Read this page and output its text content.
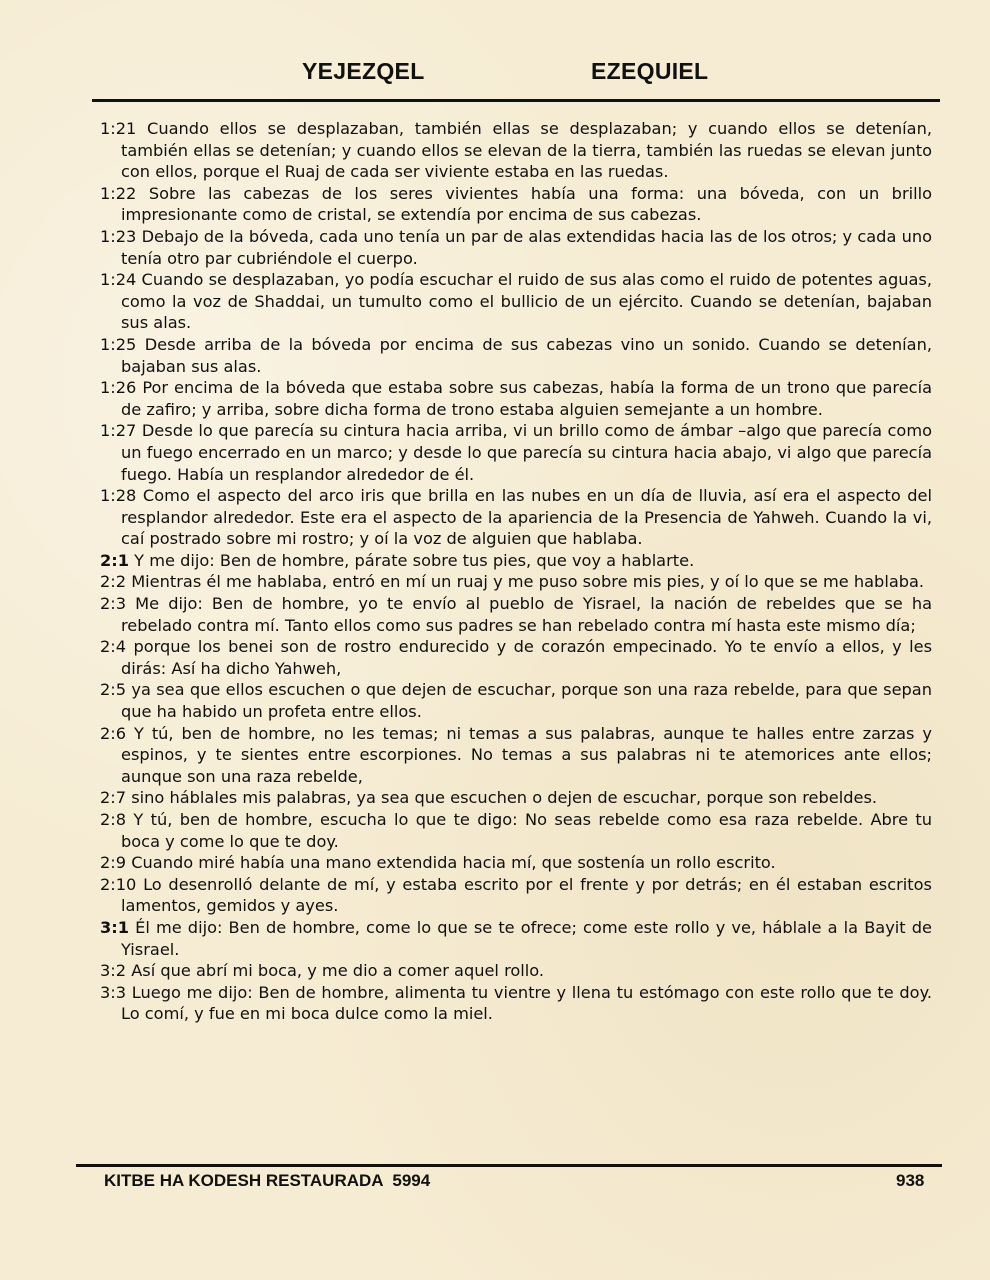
YEJEZQEL	EZEQUIEL

1:21 Cuando ellos se desplazaban, también ellas se desplazaban; y cuando ellos se detenían, también ellas se detenían; y cuando ellos se elevan de la tierra, también las ruedas se elevan junto con ellos, porque el Ruaj de cada ser viviente estaba en las ruedas.

1:22 Sobre las cabezas de los seres vivientes había una forma: una bóveda, con un brillo impresionante como de cristal, se extendía por encima de sus cabezas.

1:23 Debajo de la bóveda, cada uno tenía un par de alas extendidas hacia las de los otros; y cada uno tenía otro par cubriéndole el cuerpo.

1:24 Cuando se desplazaban, yo podía escuchar el ruido de sus alas como el ruido de potentes aguas, como la voz de Shaddai, un tumulto como el bullicio de un ejército. Cuando se detenían, bajaban sus alas.

1:25 Desde arriba de la bóveda por encima de sus cabezas vino un sonido. Cuando se detenían, bajaban sus alas.

1:26 Por encima de la bóveda que estaba sobre sus cabezas, había la forma de un trono que parecía de zafiro; y arriba, sobre dicha forma de trono estaba alguien semejante a un hombre.

1:27 Desde lo que parecía su cintura hacia arriba, vi un brillo como de ámbar –algo que parecía como un fuego encerrado en un marco; y desde lo que parecía su cintura hacia abajo, vi algo que parecía fuego. Había un resplandor alrededor de él.

1:28 Como el aspecto del arco iris que brilla en las nubes en un día de lluvia, así era el aspecto del resplandor alrededor. Este era el aspecto de la apariencia de la Presencia de Yahweh. Cuando la vi, caí postrado sobre mi rostro; y oí la voz de alguien que hablaba.

2:1 Y me dijo: Ben de hombre, párate sobre tus pies, que voy a hablarte.

2:2 Mientras él me hablaba, entró en mí un ruaj y me puso sobre mis pies, y oí lo que se me hablaba.

2:3 Me dijo: Ben de hombre, yo te envío al pueblo de Yisrael, la nación de rebeldes que se ha rebelado contra mí. Tanto ellos como sus padres se han rebelado contra mí hasta este mismo día;

2:4 porque los benei son de rostro endurecido y de corazón empecinado. Yo te envío a ellos, y les dirás: Así ha dicho Yahweh,

2:5 ya sea que ellos escuchen o que dejen de escuchar, porque son una raza rebelde, para que sepan que ha habido un profeta entre ellos.

2:6 Y tú, ben de hombre, no les temas; ni temas a sus palabras, aunque te halles entre zarzas y espinos, y te sientes entre escorpiones. No temas a sus palabras ni te atemorices ante ellos; aunque son una raza rebelde,

2:7 sino háblales mis palabras, ya sea que escuchen o dejen de escuchar, porque son rebeldes.

2:8 Y tú, ben de hombre, escucha lo que te digo: No seas rebelde como esa raza rebelde. Abre tu boca y come lo que te doy.

2:9 Cuando miré había una mano extendida hacia mí, que sostenía un rollo escrito.

2:10 Lo desenrolló delante de mí, y estaba escrito por el frente y por detrás; en él estaban escritos lamentos, gemidos y ayes.

3:1 Él me dijo: Ben de hombre, come lo que se te ofrece; come este rollo y ve, háblale a la Bayit de Yisrael.

3:2 Así que abrí mi boca, y me dio a comer aquel rollo.

3:3 Luego me dijo: Ben de hombre, alimenta tu vientre y llena tu estómago con este rollo que te doy. Lo comí, y fue en mi boca dulce como la miel.

KITBE HA KODESH RESTAURADA  5994	938
